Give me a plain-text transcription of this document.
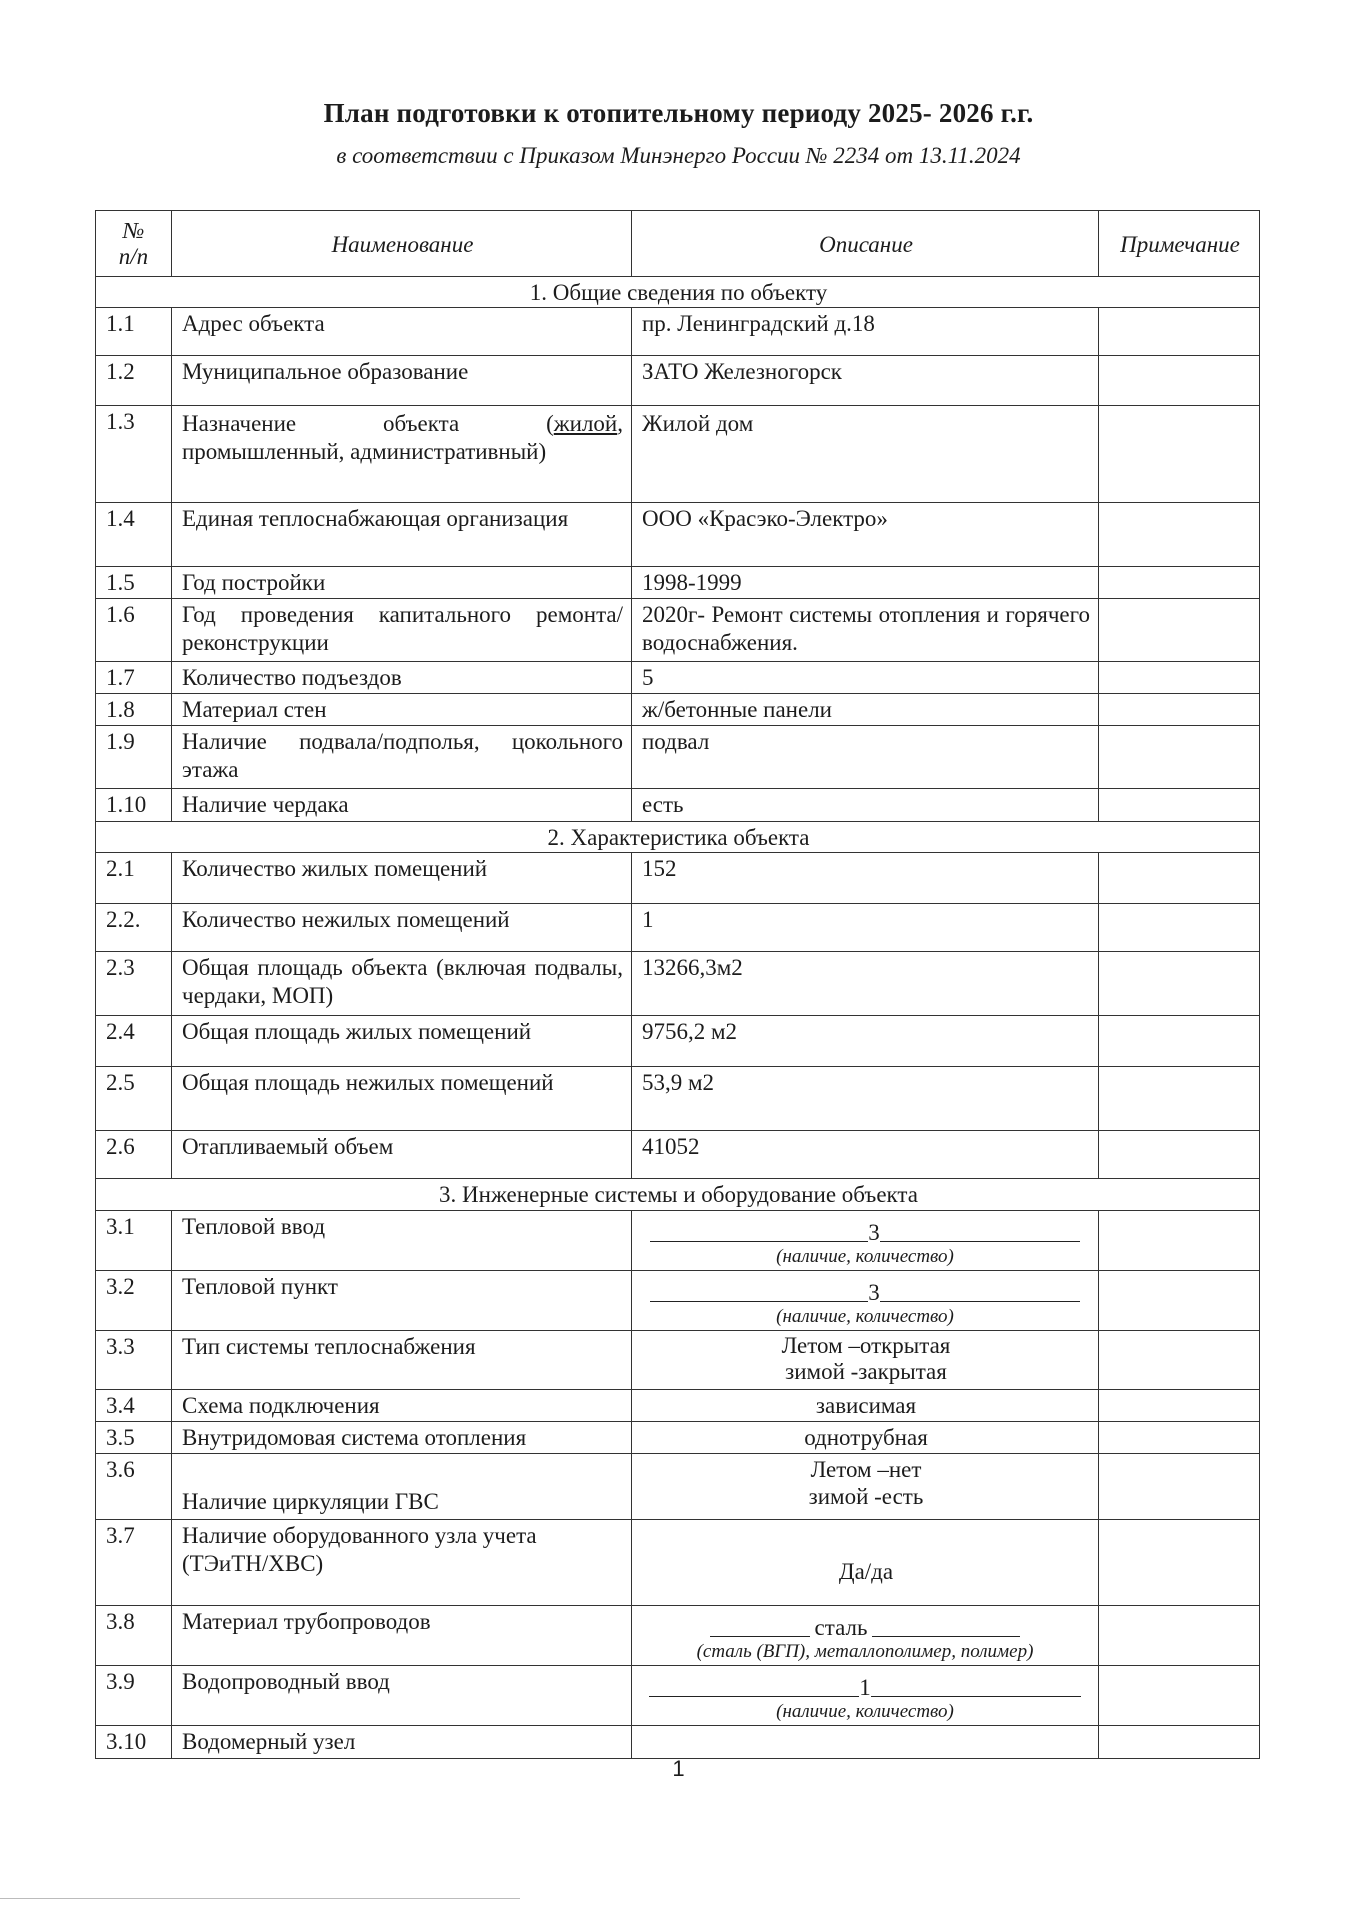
План подготовки к отопительному периоду 2025- 2026 г.г.
в соответствии с Приказом Минэнерго России № 2234 от 13.11.2024
№
п/п	Наименование	Описание	Примечание
1. Общие сведения по объекту			
1.1	Адрес объекта	пр. Ленинградский д.18	
1.2	Муниципальное образование	ЗАТО Железногорск	
1.3	Назначение объекта (жилой, промышленный, административный)	Жилой дом	
1.4	Единая теплоснабжающая организация	ООО «Красэко-Электро»	
1.5	Год постройки	1998-1999	
1.6	Год проведения капитального ремонта/реконструкции	2020г- Ремонт системы отопления и горячего водоснабжения.	
1.7	Количество подъездов	5	
1.8	Материал стен	ж/бетонные панели	
1.9	Наличие подвала/подполья, цокольного этажа	подвал	
1.10	Наличие чердака	есть	
2. Характеристика объекта			
2.1	Количество жилых помещений	152	
2.2.	Количество нежилых помещений	1	
2.3	Общая площадь объекта (включая подвалы, чердаки, МОП)	13266,3м2	
2.4	Общая площадь жилых помещений	9756,2 м2	
2.5	Общая площадь нежилых помещений	53,9 м2	
2.6	Отапливаемый объем	41052	
3. Инженерные системы и оборудование объекта			
3.1	Тепловой ввод	3
(наличие, количество)	

3.2	Тепловой пункт	3
(наличие, количество)	

3.3	Тип системы теплоснабжения	Летом –открытая
зимой -закрытая	

3.4	Схема подключения	зависимая	
3.5	Внутридомовая система отопления	однотрубная	
3.6	Наличие циркуляции ГВС	Летом –нет
зимой -есть	

3.7	Наличие оборудованного узла учета (ТЭиТН/ХВС)	Да/да	
3.8	Материал трубопроводов	сталь
(сталь (ВГП), металлополимер, полимер)	

3.9	Водопроводный ввод	1
(наличие, количество)	

3.10	Водомерный узел		
1
